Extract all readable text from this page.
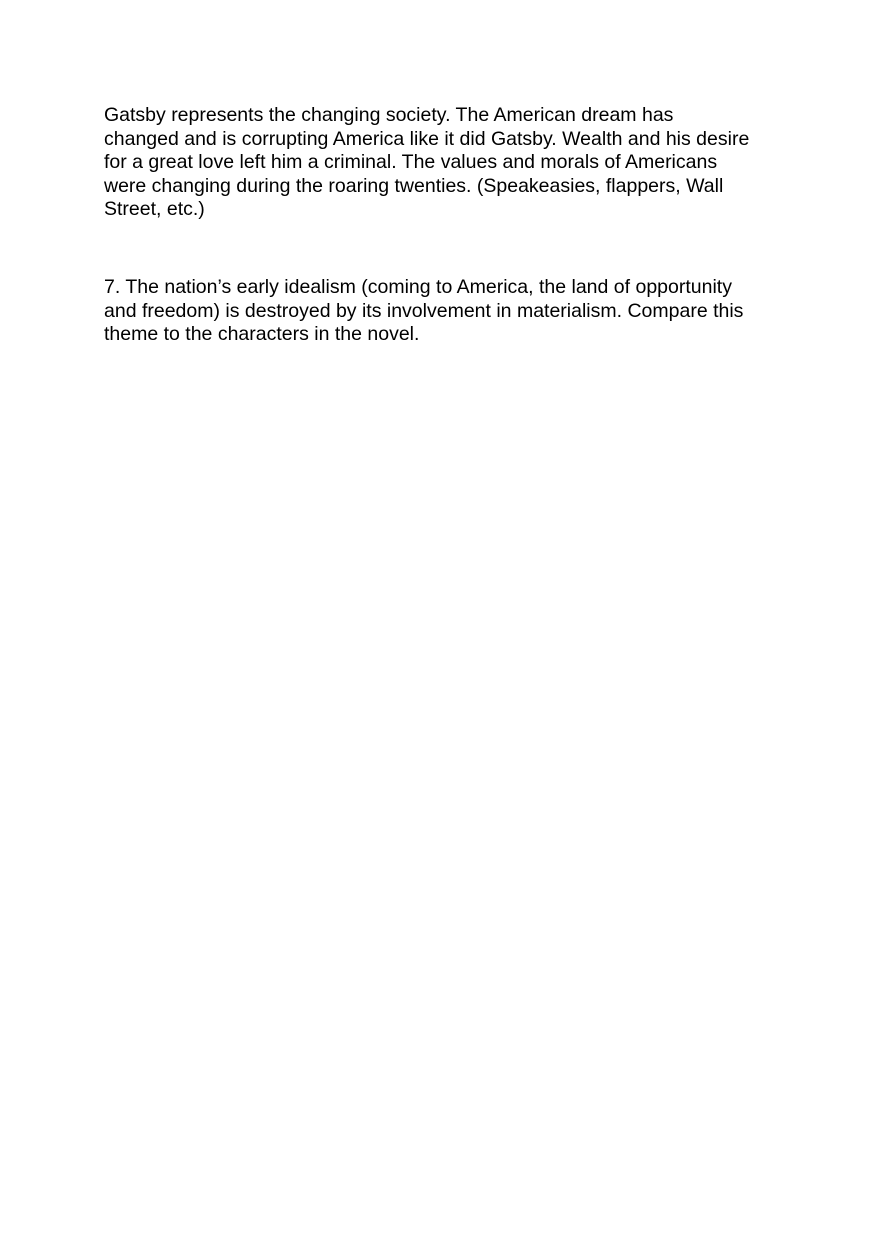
Gatsby represents the changing society. The American dream has
changed and is corrupting America like it did Gatsby. Wealth and his desire
for a great love left him a criminal. The values and morals of Americans
were changing during the roaring twenties. (Speakeasies, flappers, Wall
Street, etc.)
7. The nation’s early idealism (coming to America, the land of opportunity
and freedom) is destroyed by its involvement in materialism. Compare this
theme to the characters in the novel.
